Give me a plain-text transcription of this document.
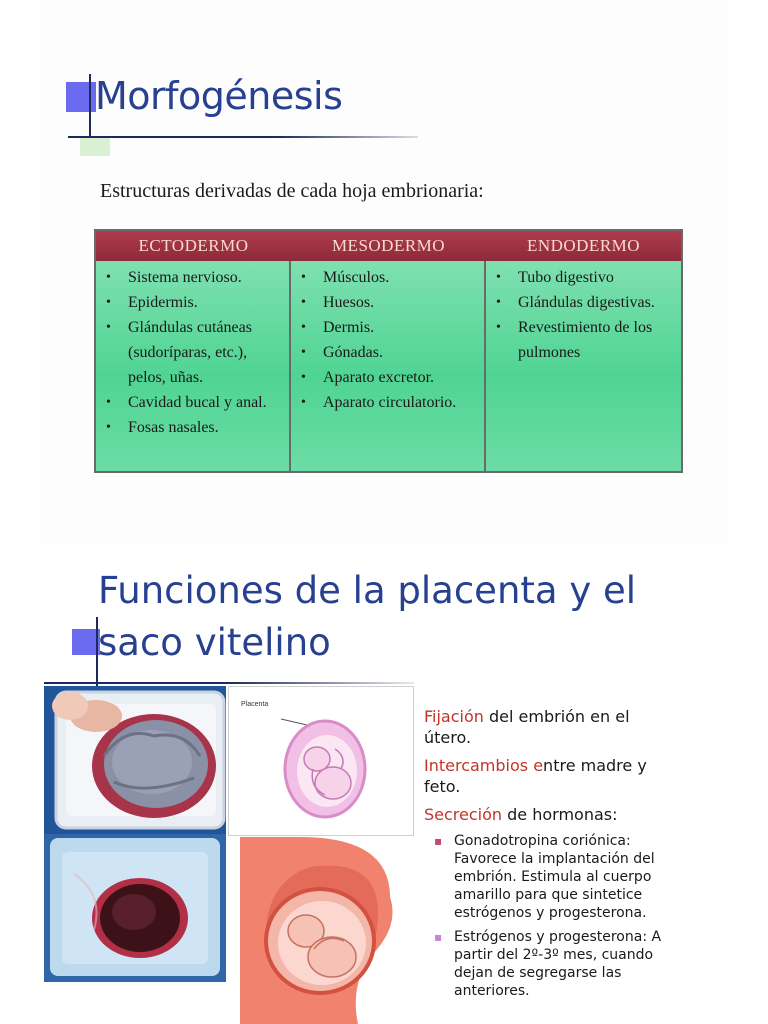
Morfogénesis
Estructuras derivadas de cada hoja embrionaria:
ECTODERMO	MESODERMO	ENDODERMO
• Sistema nervioso.
• Epidermis.
• Glándulas cutáneas (sudoríparas, etc.), pelos, uñas.
• Cavidad bucal y anal.
• Fosas nasales.
• Músculos.
• Huesos.
• Dermis.
• Gónadas.
• Aparato excretor.
• Aparato circulatorio.
• Tubo digestivo
• Glándulas digestivas.
• Revestimiento de los pulmones
Funciones de la placenta y el saco vitelino
Placenta
Fijación del embrión en el útero.
Intercambios entre madre y feto.
Secreción de hormonas:
▪ Gonadotropina coriónica: Favorece la implantación del embrión. Estimula al cuerpo amarillo para que sintetice estrógenos y progesterona.
▪ Estrógenos y progesterona: A partir del 2º-3º mes, cuando dejan de segregarse las anteriores.
